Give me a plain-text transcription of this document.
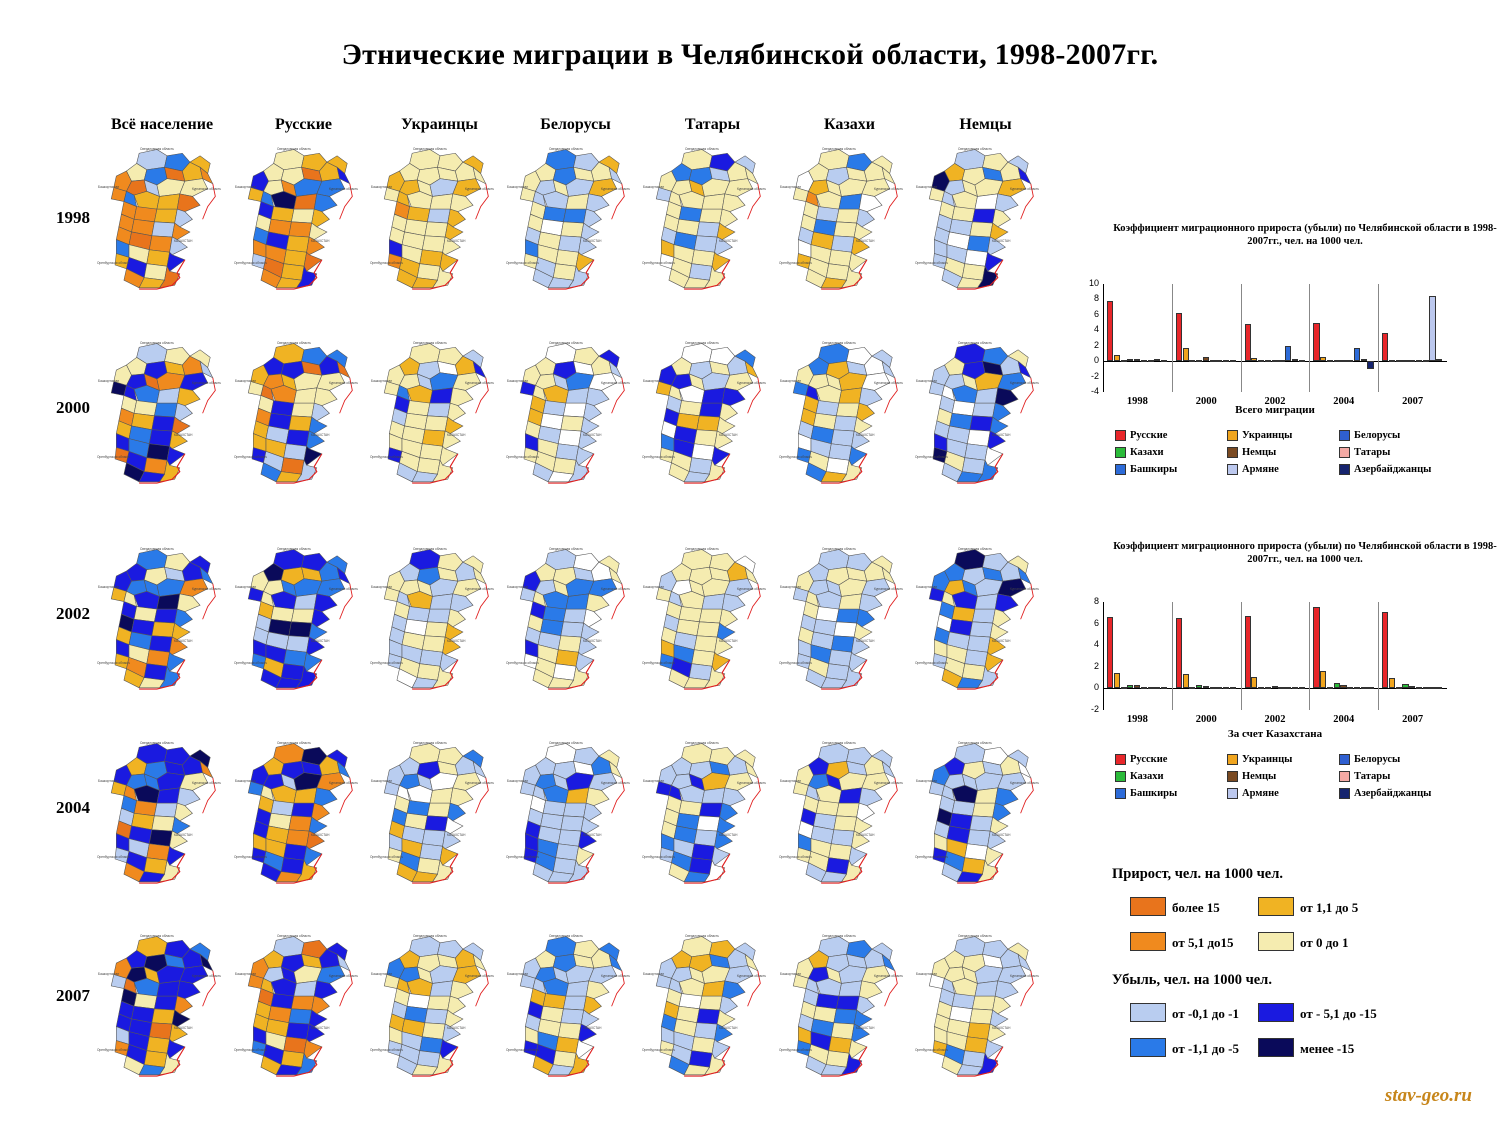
Этнические миграции в Челябинской области, 1998-2007гг.
Всё население	Русские	Украинцы	Белорусы	Татары	Казахи	Немцы
1998
2000
2002
2004
2007
Свердловская область
Курганская область
Башкортостан
Оренбургская область
КАЗАХСТАН
Свердловская область
Курганская область
Башкортостан
Оренбургская область
КАЗАХСТАН
Свердловская область
Курганская область
Башкортостан
Оренбургская область
КАЗАХСТАН
Свердловская область
Курганская область
Башкортостан
Оренбургская область
КАЗАХСТАН
Свердловская область
Курганская область
Башкортостан
Оренбургская область
КАЗАХСТАН
Свердловская область
Курганская область
Башкортостан
Оренбургская область
КАЗАХСТАН
Свердловская область
Курганская область
Башкортостан
Оренбургская область
КАЗАХСТАН
Свердловская область
Курганская область
Башкортостан
Оренбургская область
КАЗАХСТАН
Свердловская область
Курганская область
Башкортостан
Оренбургская область
КАЗАХСТАН
Свердловская область
Курганская область
Башкортостан
Оренбургская область
КАЗАХСТАН
Свердловская область
Курганская область
Башкортостан
Оренбургская область
КАЗАХСТАН
Свердловская область
Курганская область
Башкортостан
Оренбургская область
КАЗАХСТАН
Свердловская область
Курганская область
Башкортостан
Оренбургская область
КАЗАХСТАН
Свердловская область
Курганская область
Башкортостан
Оренбургская область
КАЗАХСТАН
Свердловская область
Курганская область
Башкортостан
Оренбургская область
КАЗАХСТАН
Свердловская область
Курганская область
Башкортостан
Оренбургская область
КАЗАХСТАН
Свердловская область
Курганская область
Башкортостан
Оренбургская область
КАЗАХСТАН
Свердловская область
Курганская область
Башкортостан
Оренбургская область
КАЗАХСТАН
Свердловская область
Курганская область
Башкортостан
Оренбургская область
КАЗАХСТАН
Свердловская область
Курганская область
Башкортостан
Оренбургская область
КАЗАХСТАН
Свердловская область
Курганская область
Башкортостан
Оренбургская область
КАЗАХСТАН
Свердловская область
Курганская область
Башкортостан
Оренбургская область
КАЗАХСТАН
Свердловская область
Курганская область
Башкортостан
Оренбургская область
КАЗАХСТАН
Свердловская область
Курганская область
Башкортостан
Оренбургская область
КАЗАХСТАН
Свердловская область
Курганская область
Башкортостан
Оренбургская область
КАЗАХСТАН
Свердловская область
Курганская область
Башкортостан
Оренбургская область
КАЗАХСТАН
Свердловская область
Курганская область
Башкортостан
Оренбургская область
КАЗАХСТАН
Свердловская область
Курганская область
Башкортостан
Оренбургская область
КАЗАХСТАН
Свердловская область
Курганская область
Башкортостан
Оренбургская область
КАЗАХСТАН
Свердловская область
Курганская область
Башкортостан
Оренбургская область
КАЗАХСТАН
Свердловская область
Курганская область
Башкортостан
Оренбургская область
КАЗАХСТАН
Свердловская область
Курганская область
Башкортостан
Оренбургская область
КАЗАХСТАН
Свердловская область
Курганская область
Башкортостан
Оренбургская область
КАЗАХСТАН
Свердловская область
Курганская область
Башкортостан
Оренбургская область
КАЗАХСТАН
Свердловская область
Курганская область
Башкортостан
Оренбургская область
КАЗАХСТАН
Коэффициент миграционного прироста (убыли) по Челябинской области в 1998-2007гг., чел. на 1000 чел.
-4
-2
0
2
4
6
8
10
1998	2000	2002	2004	2007
Всего миграции
Русские	Украинцы	Белорусы
Казахи	Немцы	Татары
Башкиры	Армяне	Азербайджанцы
Коэффициент миграционного прироста (убыли) по Челябинской области в 1998-2007гг., чел. на 1000 чел.
-2
0
2
4
6
8
1998	2000	2002	2004	2007
За счет Казахстана
Русские	Украинцы	Белорусы
Казахи	Немцы	Татары
Башкиры	Армяне	Азербайджанцы
Прирост, чел. на 1000 чел.
более 15	от 1,1 до 5
от 5,1 до15	от 0 до 1
Убыль, чел. на 1000 чел.
от -0,1 до -1	от - 5,1 до -15
от -1,1 до -5	менее -15
stav-geo.ru
